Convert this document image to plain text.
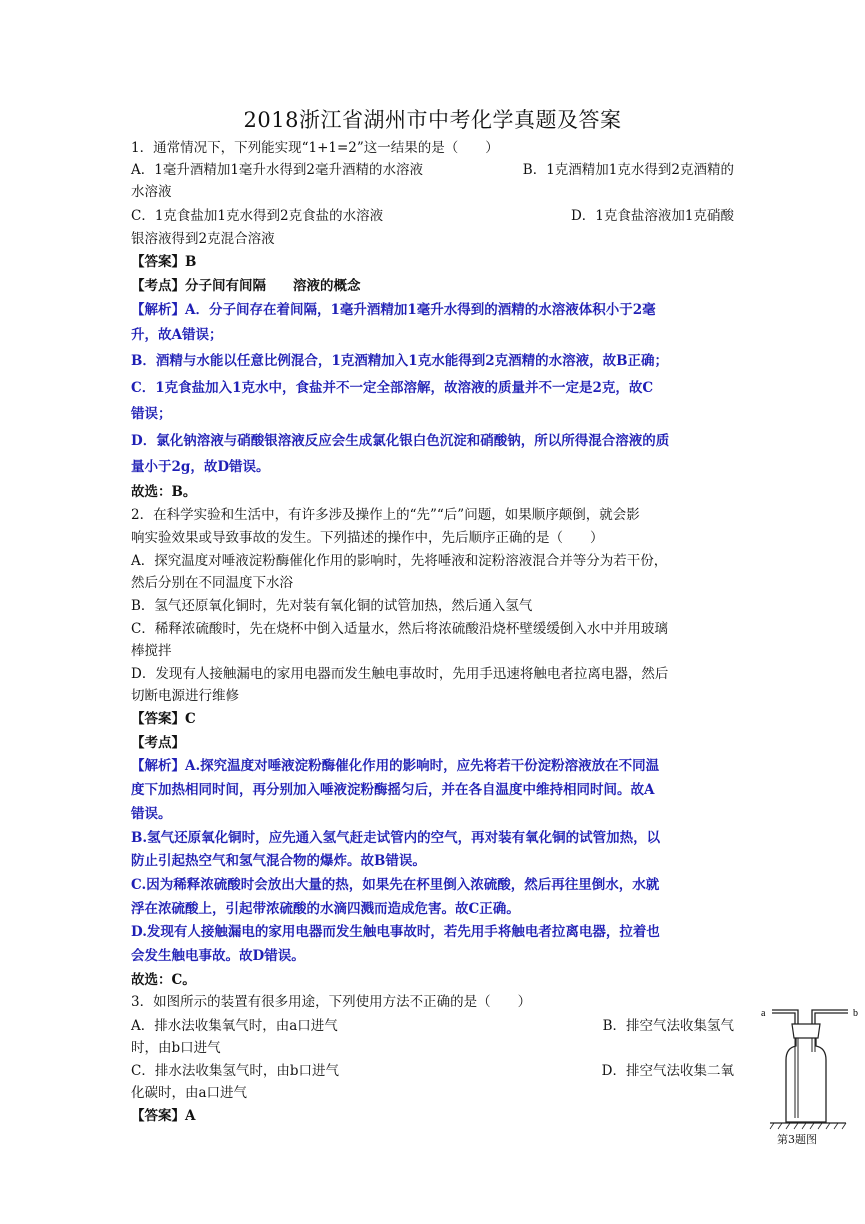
2018浙江省湖州市中考化学真题及答案
1．通常情况下，下列能实现“1+1=2”这一结果的是（　　）
A．1毫升酒精加1毫升水得到2毫升酒精的水溶液	B．1克酒精加1克水得到2克酒精的
水溶液
C．1克食盐加1克水得到2克食盐的水溶液	D．1克食盐溶液加1克硝酸
银溶液得到2克混合溶液
【答案】B
【考点】分子间有间隔　　溶液的概念
【解析】A．分子间存在着间隔，1毫升酒精加1毫升水得到的酒精的水溶液体积小于2毫
升，故A错误；
B．酒精与水能以任意比例混合，1克酒精加入1克水能得到2克酒精的水溶液，故B正确；
C．1克食盐加入1克水中，食盐并不一定全部溶解，故溶液的质量并不一定是2克，故C
错误；
D．氯化钠溶液与硝酸银溶液反应会生成氯化银白色沉淀和硝酸钠，所以所得混合溶液的质
量小于2g，故D错误。
故选：B。
2．在科学实验和生活中，有许多涉及操作上的“先”“后”问题，如果顺序颠倒，就会影
响实验效果或导致事故的发生。下列描述的操作中，先后顺序正确的是（　　）
A．探究温度对唾液淀粉酶催化作用的影响时，先将唾液和淀粉溶液混合并等分为若干份，
然后分别在不同温度下水浴
B．氢气还原氧化铜时，先对装有氧化铜的试管加热，然后通入氢气
C．稀释浓硫酸时，先在烧杯中倒入适量水，然后将浓硫酸沿烧杯壁缓缓倒入水中并用玻璃
棒搅拌
D．发现有人接触漏电的家用电器而发生触电事故时，先用手迅速将触电者拉离电器，然后
切断电源进行维修
【答案】C
【考点】
【解析】A.探究温度对唾液淀粉酶催化作用的影响时，应先将若干份淀粉溶液放在不同温
度下加热相同时间，再分别加入唾液淀粉酶摇匀后，并在各自温度中维持相同时间。故A
错误。
B.氢气还原氧化铜时，应先通入氢气赶走试管内的空气，再对装有氧化铜的试管加热，以
防止引起热空气和氢气混合物的爆炸。故B错误。
C.因为稀释浓硫酸时会放出大量的热，如果先在杯里倒入浓硫酸，然后再往里倒水，水就
浮在浓硫酸上，引起带浓硫酸的水滴四溅而造成危害。故C正确。
D.发现有人接触漏电的家用电器而发生触电事故时，若先用手将触电者拉离电器，拉着也
会发生触电事故。故D错误。
故选：C。
3．如图所示的装置有很多用途，下列使用方法不正确的是（　　）
A．排水法收集氧气时，由a口进气	B．排空气法收集氢气
时，由b口进气
C．排水法收集氢气时，由b口进气	D．排空气法收集二氧
化碳时，由a口进气
【答案】A
a	b
第3题图
